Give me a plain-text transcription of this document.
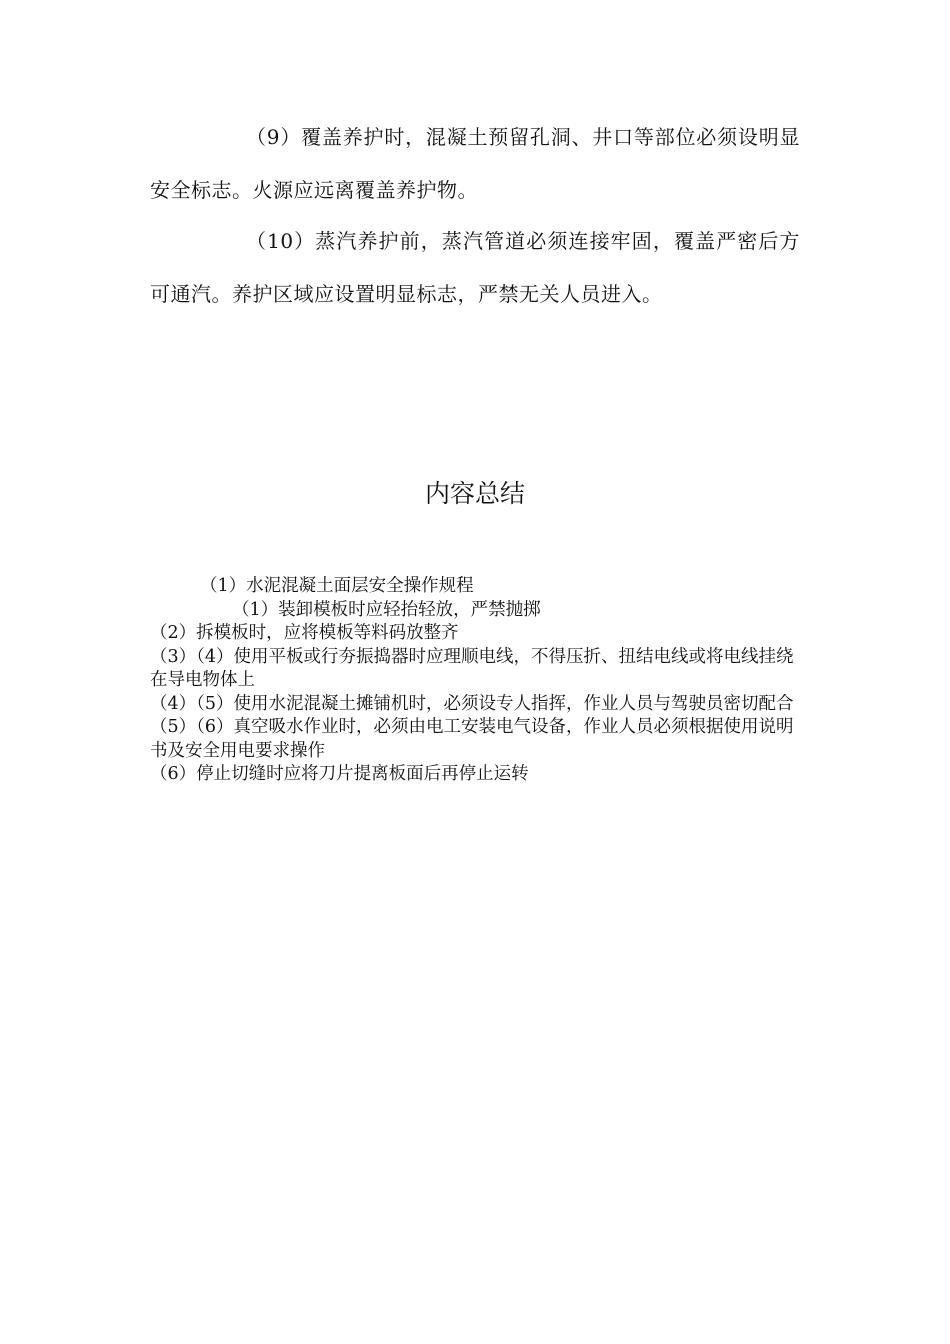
（9）覆盖养护时，混凝土预留孔洞、井口等部位必须设明显安全标志。火源应远离覆盖养护物。

（10）蒸汽养护前，蒸汽管道必须连接牢固，覆盖严密后方可通汽。养护区域应设置明显标志，严禁无关人员进入。

内容总结
（1）水泥混凝土面层安全操作规程
（1）装卸模板时应轻抬轻放，严禁抛掷
（2）拆模板时，应将模板等料码放整齐
（3）（4）使用平板或行夯振捣器时应理顺电线，不得压折、扭结电线或将电线挂绕在导电物体上
（4）（5）使用水泥混凝土摊铺机时，必须设专人指挥，作业人员与驾驶员密切配合
（5）（6）真空吸水作业时，必须由电工安装电气设备，作业人员必须根据使用说明书及安全用电要求操作
（6）停止切缝时应将刀片提离板面后再停止运转
